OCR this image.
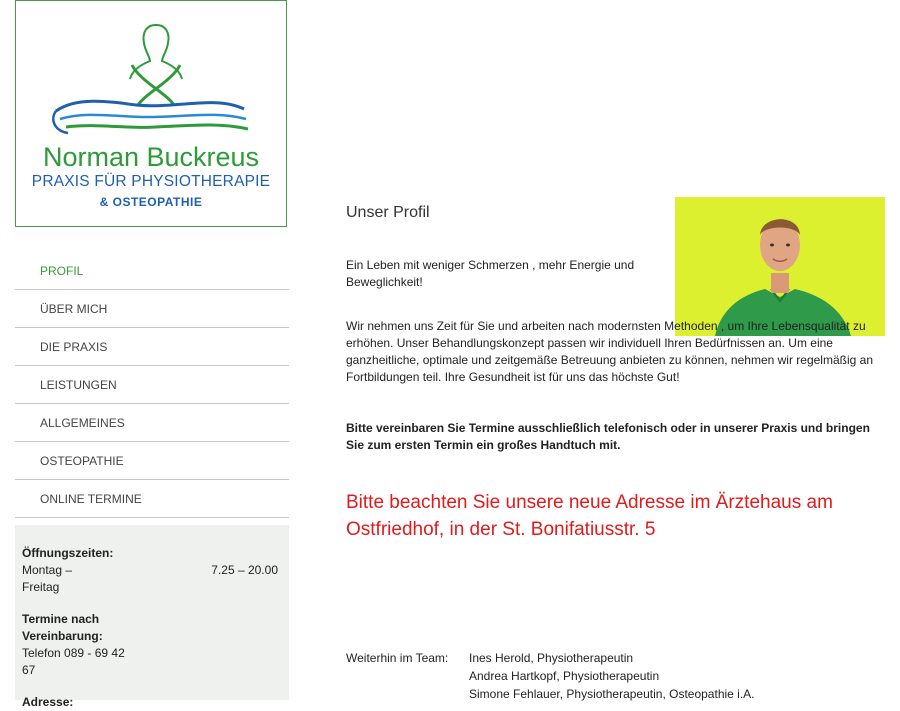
Norman Buckreus
PRAXIS FÜR PHYSIOTHERAPIE
& OSTEOPATHIE
PROFIL
ÜBER MICH
DIE PRAXIS
LEISTUNGEN
ALLGEMEINES
OSTEOPATHIE
ONLINE TERMINE
Öffnungszeiten:
Montag – Freitag
7.25 – 20.00
Termine nach Vereinbarung:
Telefon 089 - 69 42 67
Adresse:
Unser Profil
Ein Leben mit weniger Schmerzen , mehr Energie und Beweglichkeit!
Wir nehmen uns Zeit für Sie und arbeiten nach modernsten Methoden , um Ihre Lebensqualität zu erhöhen. Unser Behandlungskonzept passen wir individuell Ihren Bedürfnissen an. Um eine ganzheitliche, optimale und zeitgemäße Betreuung anbieten zu können, nehmen wir regelmäßig an Fortbildungen teil. Ihre Gesundheit ist für uns das höchste Gut!
Bitte vereinbaren Sie Termine ausschließlich telefonisch oder in unserer Praxis und bringen Sie zum ersten Termin ein großes Handtuch mit.
Bitte beachten Sie unsere neue Adresse im Ärztehaus am Ostfriedhof, in der St. Bonifatiusstr. 5
Weiterhin im Team: Ines Herold, Physiotherapeutin
Andrea Hartkopf, Physiotherapeutin
Simone Fehlauer, Physiotherapeutin, Osteopathie i.A.
